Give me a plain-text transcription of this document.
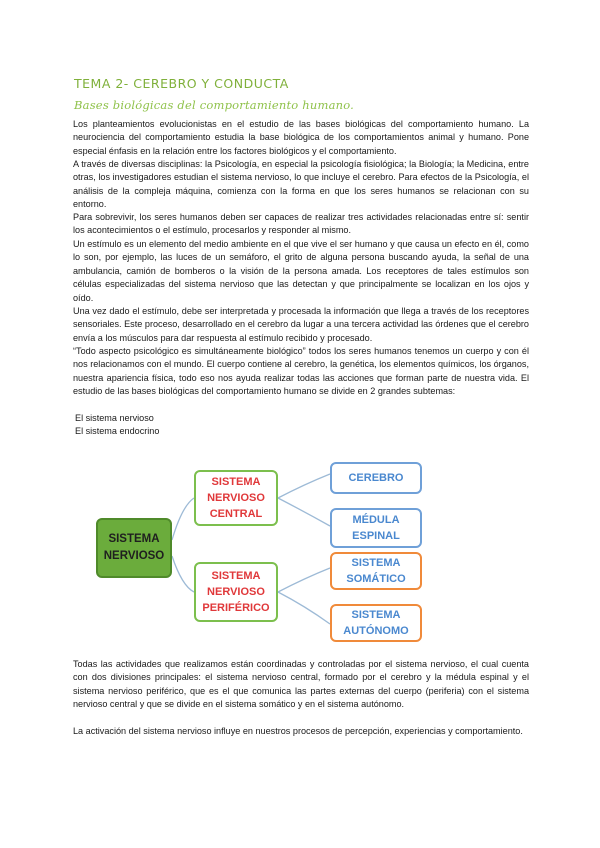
TEMA 2- CEREBRO Y CONDUCTA
Bases biológicas del comportamiento humano.

Los planteamientos evolucionistas en el estudio de las bases biológicas del comportamiento humano. La neurociencia del comportamiento estudia la base biológica de los comportamientos animal y humano. Pone especial énfasis en la relación entre los factores biológicos y el comportamiento.

A través de diversas disciplinas: la Psicología, en especial la psicología fisiológica; la Biología; la Medicina, entre otras, los investigadores estudian el sistema nervioso, lo que incluye el cerebro. Para efectos de la Psicología, el análisis de la compleja máquina, comienza con la forma en que los seres humanos se relacionan con su entorno.

Para sobrevivir, los seres humanos deben ser capaces de realizar tres actividades relacionadas entre sí: sentir los acontecimientos o el estímulo, procesarlos y responder al mismo.

Un estímulo es un elemento del medio ambiente en el que vive el ser humano y que causa un efecto en él, como lo son, por ejemplo, las luces de un semáforo, el grito de alguna persona buscando ayuda, la señal de una ambulancia, camión de bomberos o la visión de la persona amada. Los receptores de tales estímulos son células especializadas del sistema nervioso que las detectan y que principalmente se localizan en los ojos y oído.

Una vez dado el estímulo, debe ser interpretada y procesada la información que llega a través de los receptores sensoriales. Este proceso, desarrollado en el cerebro da lugar a una tercera actividad las órdenes que el cerebro envía a los músculos para dar respuesta al estímulo recibido y procesado.

“Todo aspecto psicológico es simultáneamente biológico” todos los seres humanos tenemos un cuerpo y con él nos relacionamos con el mundo. El cuerpo contiene al cerebro, la genética, los elementos químicos, los órganos, nuestra apariencia física, todo eso nos ayuda realizar todas las acciones que forman parte de nuestra vida. El estudio de las bases biológicas del comportamiento humano se divide en 2 grandes subtemas:

El sistema nervioso
El sistema endocrino
SISTEMA
NERVIOSO
SISTEMA
NERVIOSO
CENTRAL
SISTEMA
NERVIOSO
PERIFÉRICO
CEREBRO
MÉDULA
ESPINAL
SISTEMA
SOMÁTICO
SISTEMA
AUTÓNOMO

Todas las actividades que realizamos están coordinadas y controladas por el sistema nervioso, el cual cuenta con dos divisiones principales: el sistema nervioso central, formado por el cerebro y la médula espinal y el sistema nervioso periférico, que es el que comunica las partes externas del cuerpo (periferia) con el sistema nervioso central y que se divide en el sistema somático y en el sistema autónomo.

La activación del sistema nervioso influye en nuestros procesos de percepción, experiencias y comportamiento.
